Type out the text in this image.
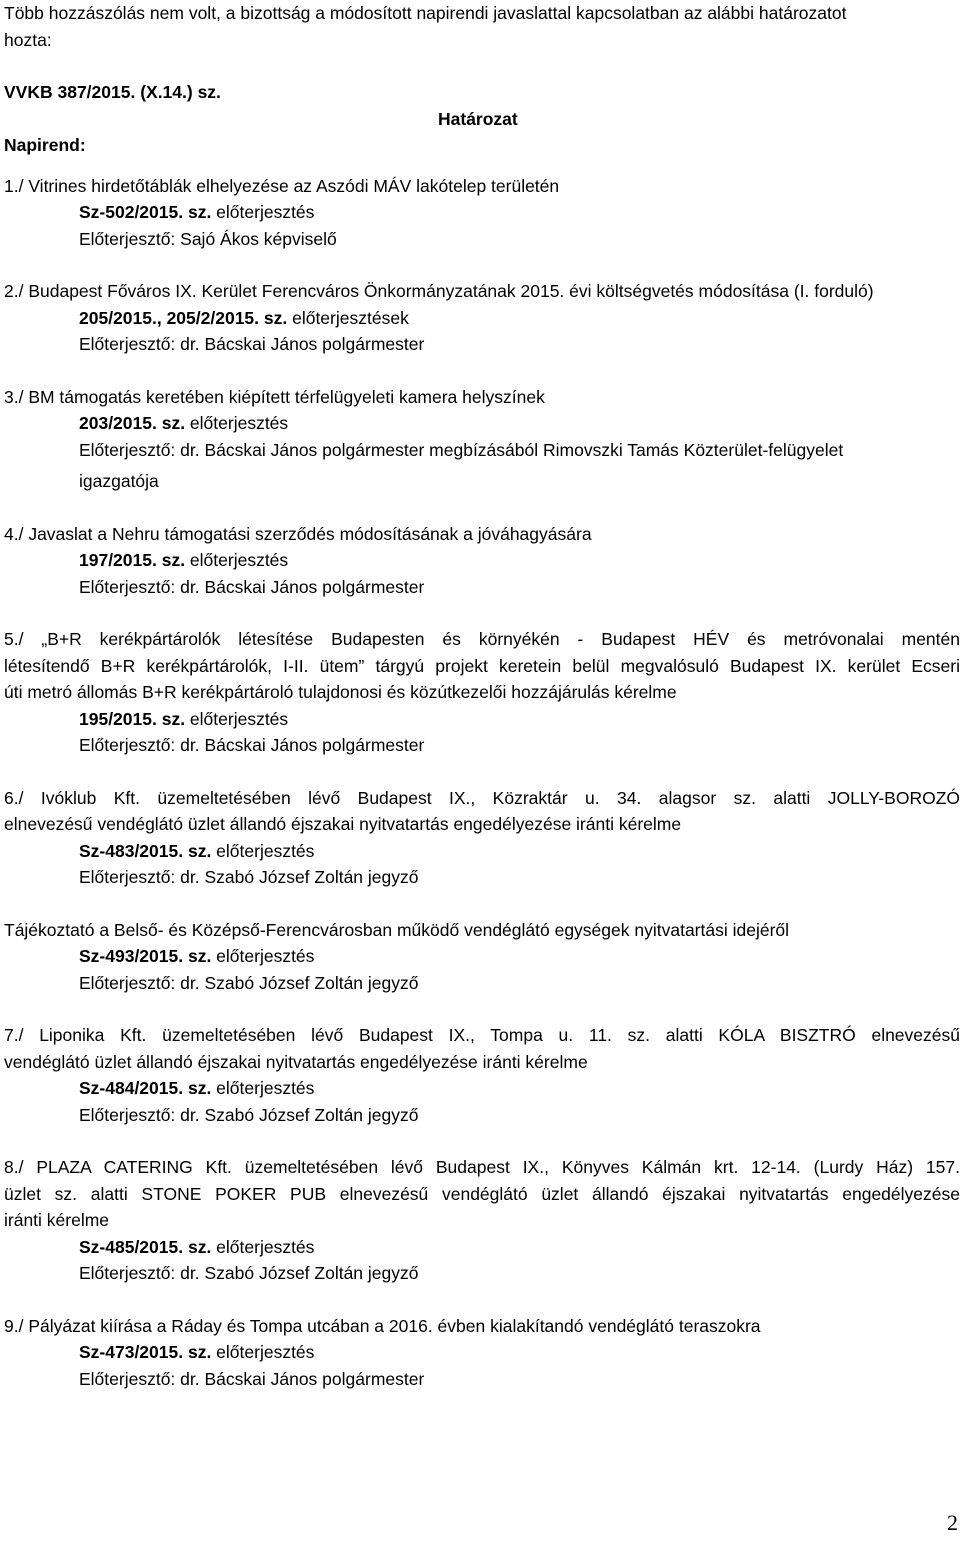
Több hozzászólás nem volt, a bizottság a módosított napirendi javaslattal kapcsolatban az alábbi határozatot

hozta:

VVKB 387/2015. (X.14.) sz.

Határozat

Napirend:

1./ Vitrines hirdetőtáblák elhelyezése az Aszódi MÁV lakótelep területén

Sz-502/2015. sz. előterjesztés

Előterjesztő: Sajó Ákos képviselő

2./ Budapest Főváros IX. Kerület Ferencváros Önkormányzatának 2015. évi költségvetés módosítása (I. forduló)

205/2015., 205/2/2015. sz. előterjesztések

Előterjesztő: dr. Bácskai János polgármester

3./ BM támogatás keretében kiépített térfelügyeleti kamera helyszínek

203/2015. sz. előterjesztés

Előterjesztő: dr. Bácskai János polgármester megbízásából Rimovszki Tamás Közterület-felügyelet

igazgatója

4./ Javaslat a Nehru támogatási szerződés módosításának a jóváhagyására

197/2015. sz. előterjesztés

Előterjesztő: dr. Bácskai János polgármester

5./ „B+R kerékpártárolók létesítése Budapesten és környékén - Budapest HÉV és metróvonalai mentén

létesítendő B+R kerékpártárolók, I-II. ütem” tárgyú projekt keretein belül megvalósuló Budapest IX. kerület Ecseri

úti metró állomás B+R kerékpártároló tulajdonosi és közútkezelői hozzájárulás kérelme

195/2015. sz. előterjesztés

Előterjesztő: dr. Bácskai János polgármester

6./ Ivóklub Kft. üzemeltetésében lévő Budapest IX., Közraktár u. 34. alagsor sz. alatti JOLLY-BOROZÓ

elnevezésű vendéglátó üzlet állandó éjszakai nyitvatartás engedélyezése iránti kérelme

Sz-483/2015. sz. előterjesztés

Előterjesztő: dr. Szabó József Zoltán jegyző

Tájékoztató a Belső- és Középső-Ferencvárosban működő vendéglátó egységek nyitvatartási idejéről

Sz-493/2015. sz. előterjesztés

Előterjesztő: dr. Szabó József Zoltán jegyző

7./ Liponika Kft. üzemeltetésében lévő Budapest IX., Tompa u. 11. sz. alatti KÓLA BISZTRÓ elnevezésű

vendéglátó üzlet állandó éjszakai nyitvatartás engedélyezése iránti kérelme

Sz-484/2015. sz. előterjesztés

Előterjesztő: dr. Szabó József Zoltán jegyző

8./ PLAZA CATERING Kft. üzemeltetésében lévő Budapest IX., Könyves Kálmán krt. 12-14. (Lurdy Ház) 157.

üzlet sz. alatti STONE POKER PUB elnevezésű vendéglátó üzlet állandó éjszakai nyitvatartás engedélyezése

iránti kérelme

Sz-485/2015. sz. előterjesztés

Előterjesztő: dr. Szabó József Zoltán jegyző

9./ Pályázat kiírása a Ráday és Tompa utcában a 2016. évben kialakítandó vendéglátó teraszokra

Sz-473/2015. sz. előterjesztés

Előterjesztő: dr. Bácskai János polgármester

2
